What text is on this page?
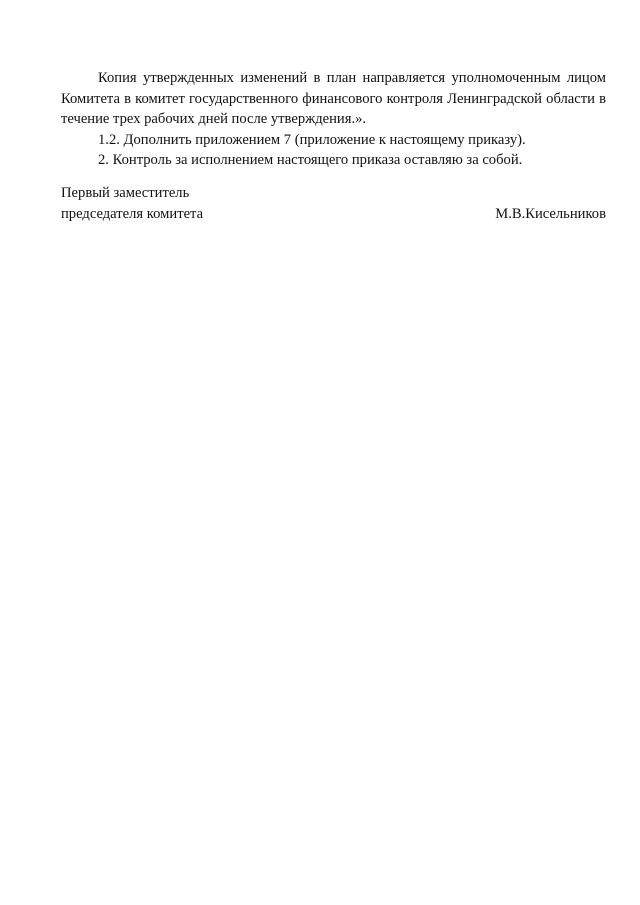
Копия утвержденных изменений в план направляется уполномоченным лицом Комитета в комитет государственного финансового контроля Ленинградской области в течение трех рабочих дней после утверждения.».

1.2. Дополнить приложением 7 (приложение к настоящему приказу).

2. Контроль за исполнением настоящего приказа оставляю за собой.

Первый заместитель
председателя комитета	М.В.Кисельников
